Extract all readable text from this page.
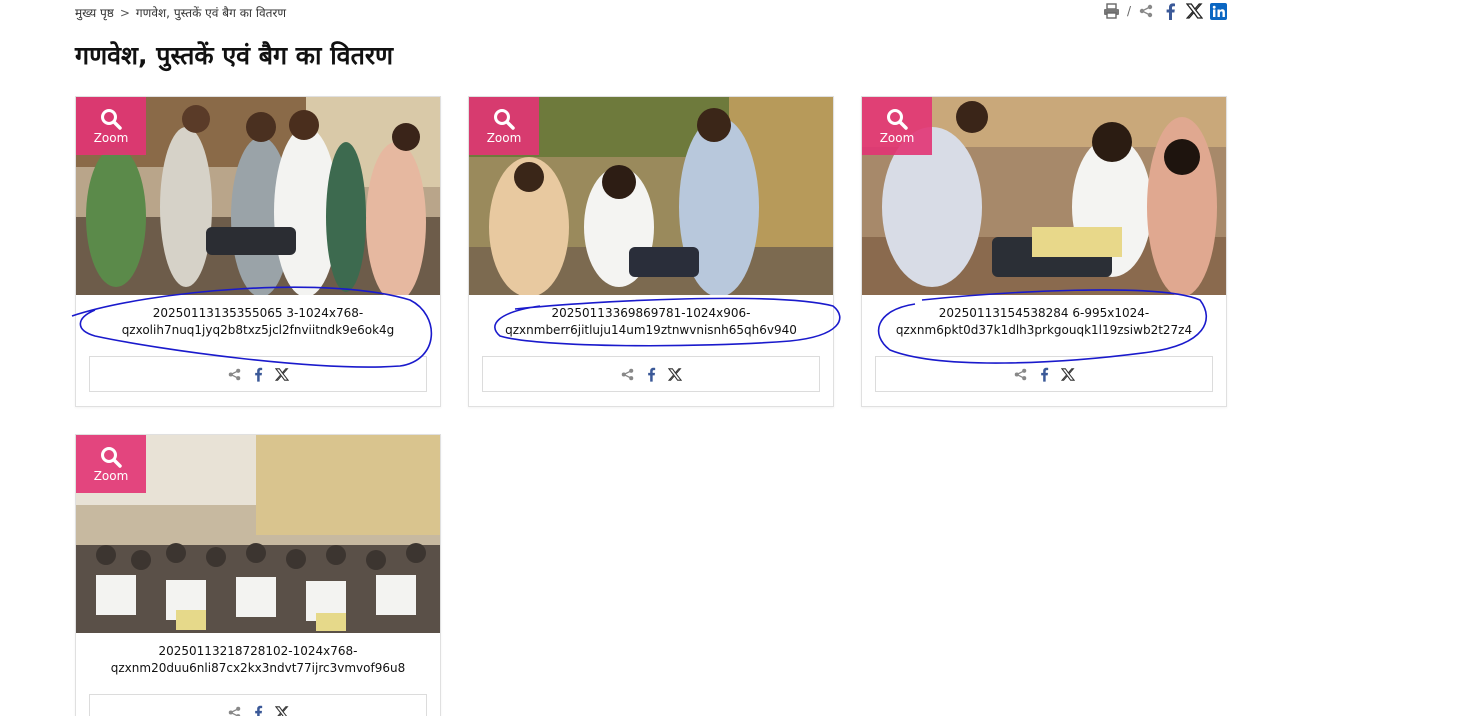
मुख्य पृष्ठ > गणवेश, पुस्तकें एवं बैग का वितरण	/
गणवेश, पुस्तकें एवं बैग का वितरण
Zoom
20250113135355065 3-1024x768-
qzxolih7nuq1jyq2b8txz5jcl2fnviitndk9e6ok4g
Zoom
20250113369869781-1024x906-
qzxnmberr6jitluju14um19ztnwvnisnh65qh6v940
Zoom
20250113154538284 6-995x1024-
qzxnm6pkt0d37k1dlh3prkgouqk1l19zsiwb2t27z4
Zoom
20250113218728102-1024x768-
qzxnm20duu6nli87cx2kx3ndvt77ijrc3vmvof96u8
